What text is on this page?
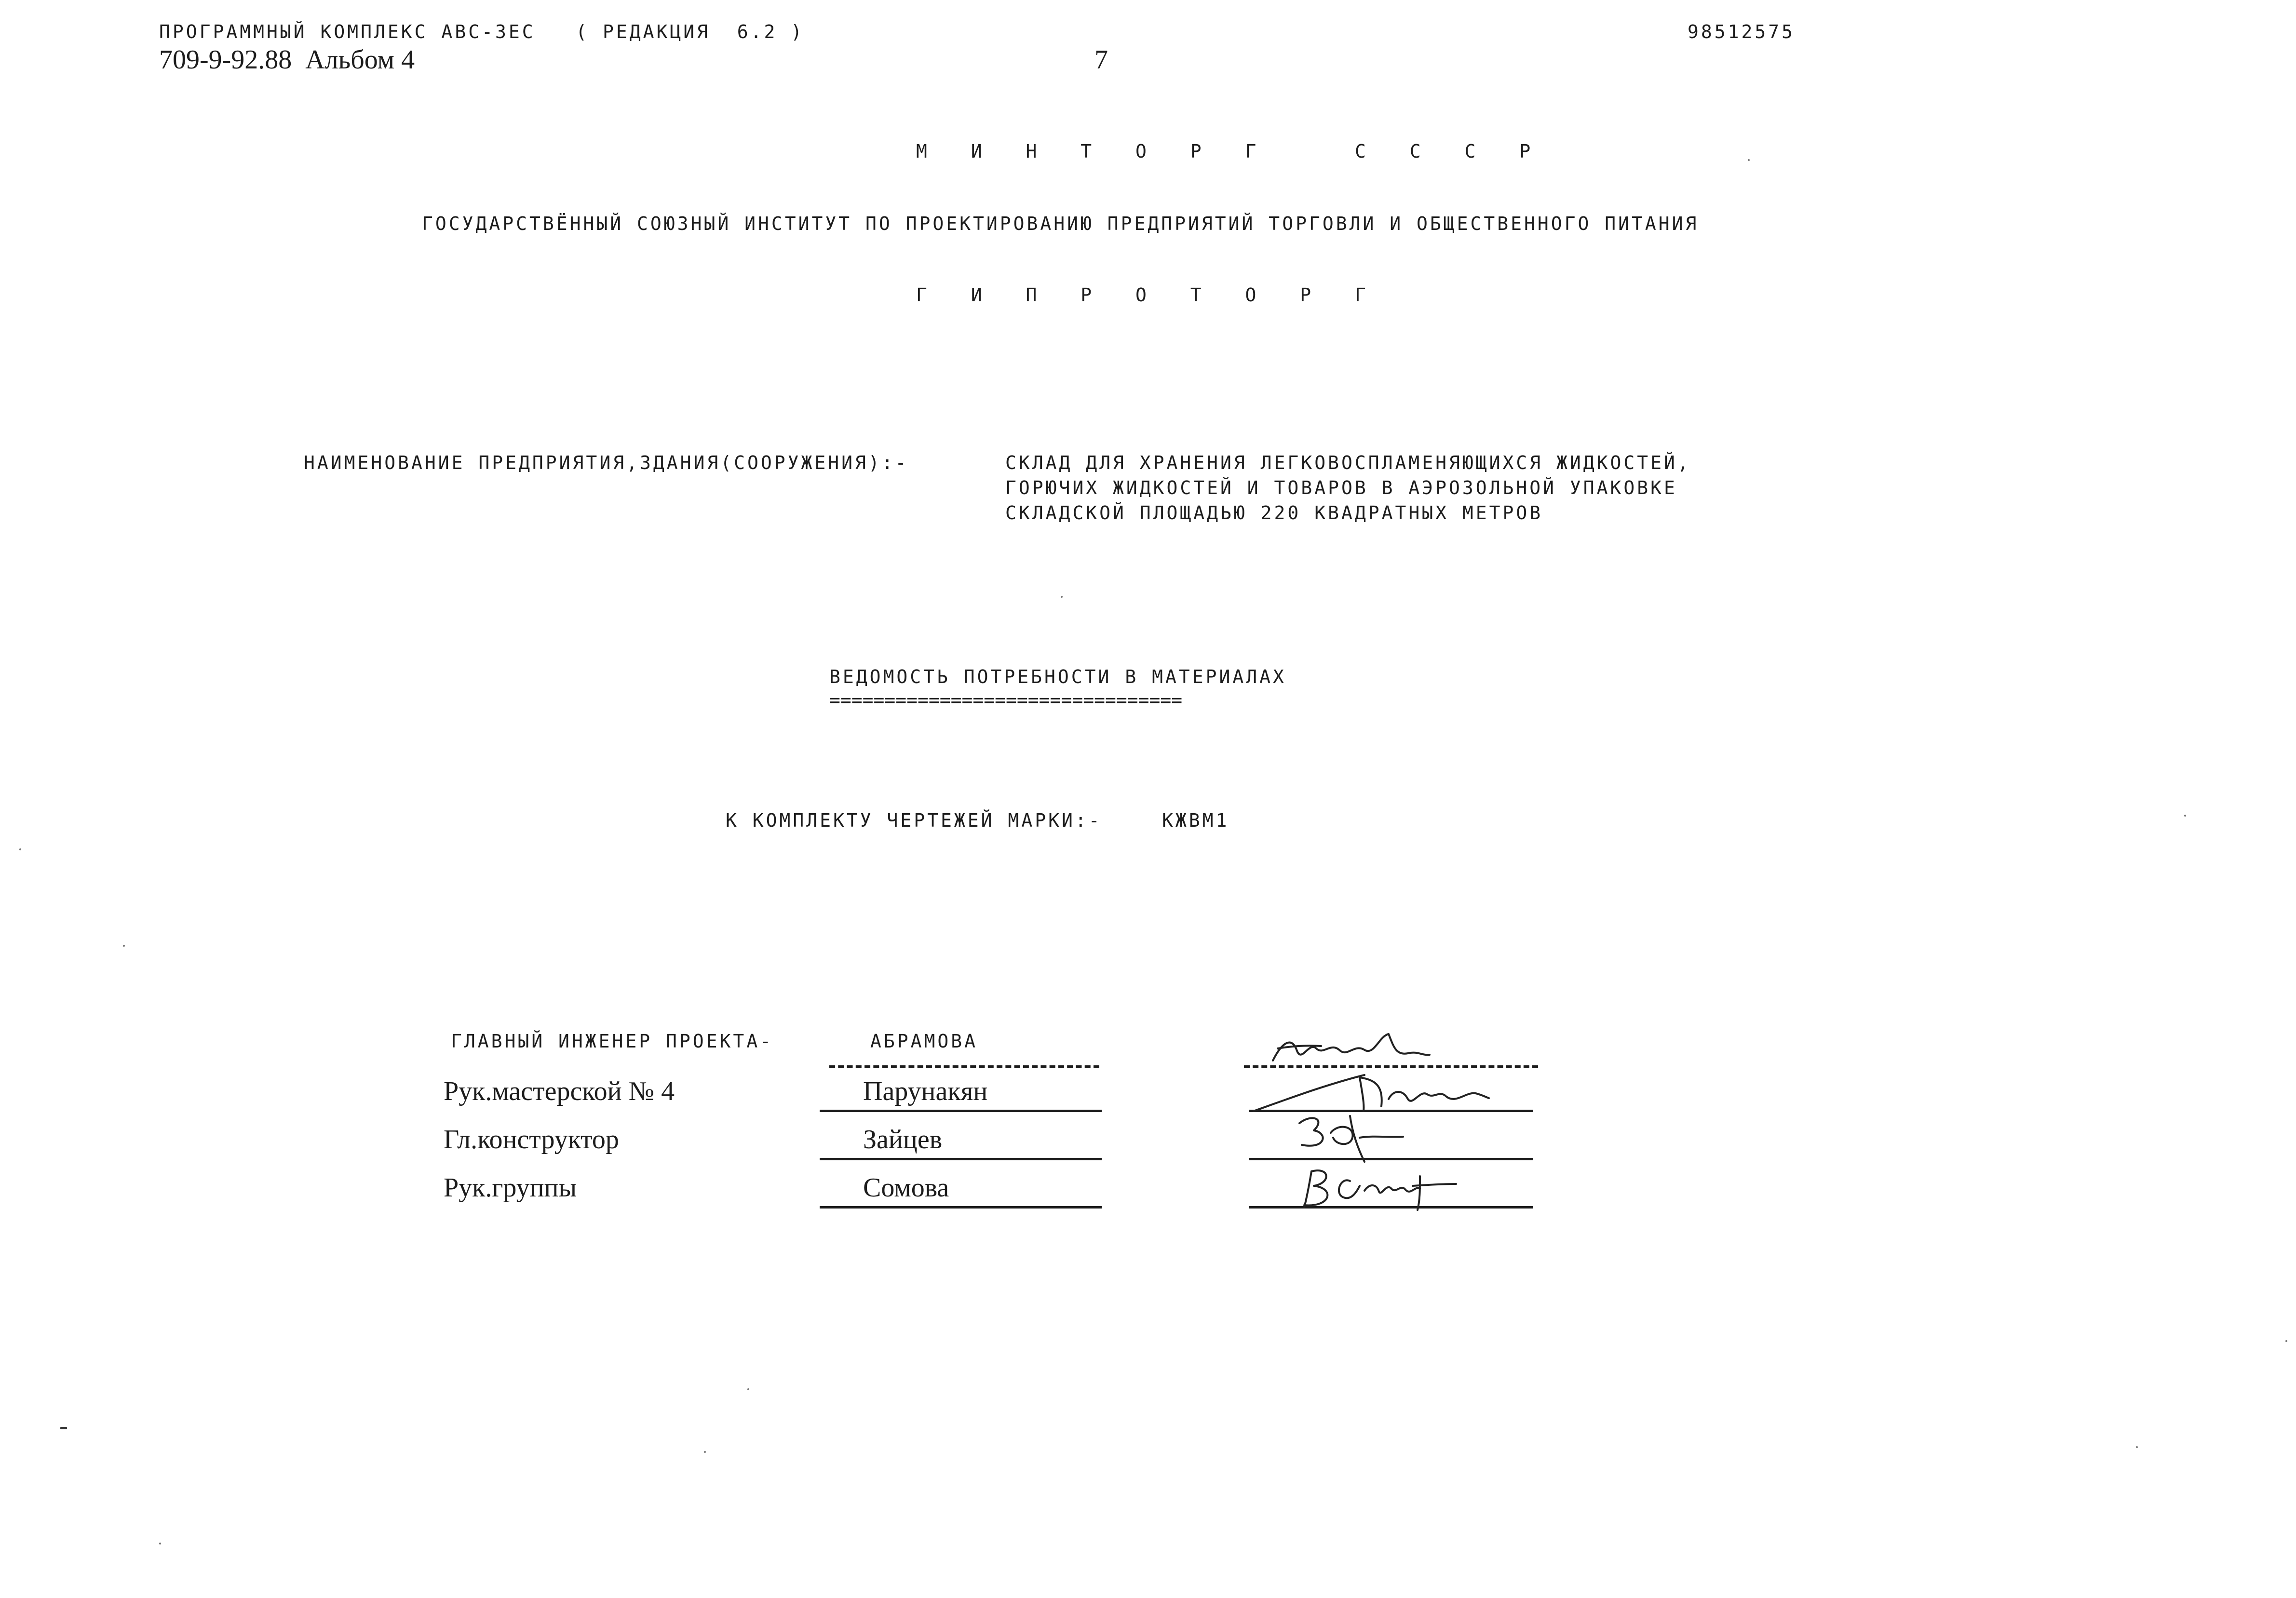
ПРОГРАММНЫЙ КОМПЛЕКС АВС-3ЕС   ( РЕДАКЦИЯ  6.2 )	98512575
709-9-92.88  Альбом 4	7
М И Н Т О Р Г   С С С Р
ГОСУДАРСТВЁННЫЙ СОЮЗНЫЙ ИНСТИТУТ ПО ПРОЕКТИРОВАНИЮ ПРЕДПРИЯТИЙ ТОРГОВЛИ И ОБЩЕСТВЕННОГО ПИТАНИЯ
Г И П Р О Т О Р Г
НАИМЕНОВАНИЕ ПРЕДПРИЯТИЯ,ЗДАНИЯ(СООРУЖЕНИЯ):-	СКЛАД ДЛЯ ХРАНЕНИЯ ЛЕГКОВОСПЛАМЕНЯЮЩИХСЯ ЖИДКОСТЕЙ,
ГОРЮЧИХ ЖИДКОСТЕЙ И ТОВАРОВ В АЭРОЗОЛЬНОЙ УПАКОВКЕ
СКЛАДСКОЙ ПЛОЩАДЬЮ 220 КВАДРАТНЫХ МЕТРОВ
ВЕДОМОСТЬ ПОТРЕБНОСТИ В МАТЕРИАЛАХ
================================
К КОМПЛЕКТУ ЧЕРТЕЖЕЙ МАРКИ:-	КЖВМ1
ГЛАВНЫЙ ИНЖЕНЕР ПРОЕКТА-	АБРАМОВА
Рук.мастерской № 4	Парунакян
Гл.конструктор	Зайцев
Рук.группы	Сомова
